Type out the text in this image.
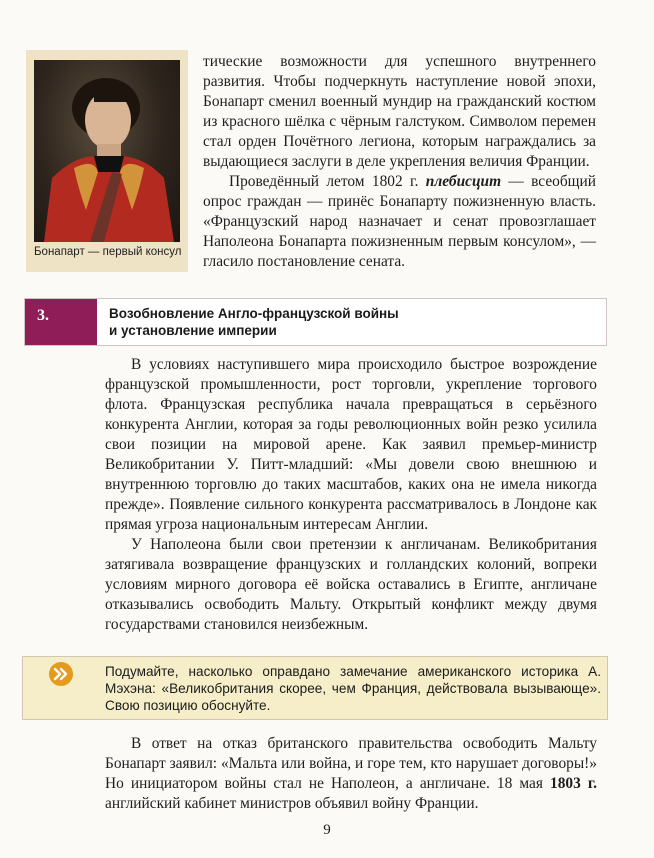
Бонапарт — первый консул

тические возможности для успешного внутреннего развития. Чтобы подчеркнуть наступление новой эпохи, Бонапарт сменил военный мундир на гражданский костюм из красного шёлка с чёрным галстуком. Символом перемен стал орден Почётного легиона, которым награждались за выдающиеся заслуги в деле укрепления величия Франции.

Проведённый летом 1802 г. плебисцит — всеобщий опрос граждан — принёс Бонапарту пожизненную власть. «Французский народ назначает и сенат провозглашает Наполеона Бонапарта пожизненным первым консулом», — гласило постановление сената.

3.	Возобновление Англо-французской войны
и установление империи

В условиях наступившего мира происходило быстрое возрождение французской промышленности, рост торговли, укрепление торгового флота. Французская республика начала превращаться в серьёзного конкурента Англии, которая за годы революционных войн резко усилила свои позиции на мировой арене. Как заявил премьер-министр Великобритании У. Питт-младший: «Мы довели свою внешнюю и внутреннюю торговлю до таких масштабов, каких она не имела никогда прежде». Появление сильного конкурента рассматривалось в Лондоне как прямая угроза национальным интересам Англии.

У Наполеона были свои претензии к англичанам. Великобритания затягивала возвращение французских и голландских колоний, вопреки условиям мирного договора её войска оставались в Египте, англичане отказывались освободить Мальту. Открытый конфликт между двумя государствами становился неизбежным.

Подумайте, насколько оправдано замечание американского историка А. Мэхэна: «Великобритания скорее, чем Франция, действовала вызывающе». Свою позицию обоснуйте.

В ответ на отказ британского правительства освободить Мальту Бонапарт заявил: «Мальта или война, и горе тем, кто нарушает договоры!» Но инициатором войны стал не Наполеон, а англичане. 18 мая 1803 г. английский кабинет министров объявил войну Франции.

9
